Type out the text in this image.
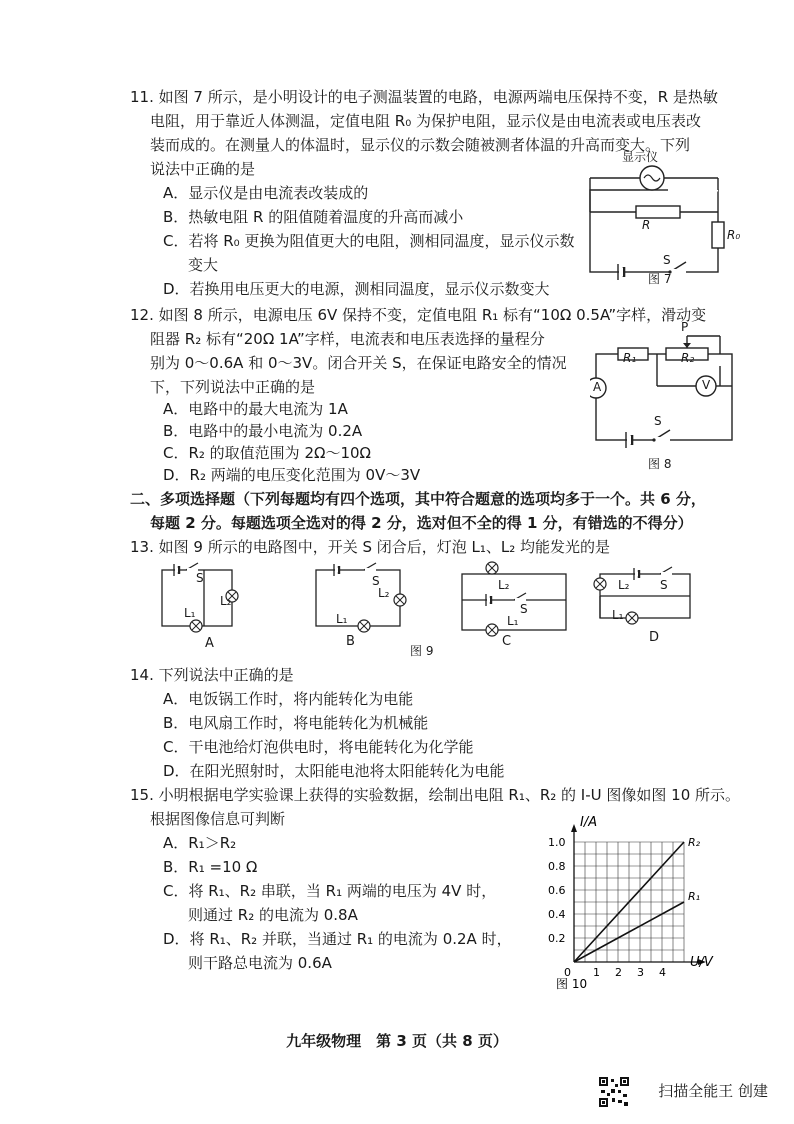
11. 如图 7 所示，是小明设计的电子测温装置的电路，电源两端电压保持不变，R 是热敏
电阻，用于靠近人体测温，定值电阻 R₀ 为保护电阻，显示仪是由电流表或电压表改
装而成的。在测量人的体温时，显示仪的示数会随被测者体温的升高而变大。下列
说法中正确的是
A．显示仪是由电流表改装成的
B．热敏电阻 R 的阻值随着温度的升高而减小
C．若将 R₀ 更换为阻值更大的电阻，测相同温度，显示仪示数
变大
D．若换用电压更大的电源，测相同温度，显示仪示数变大
显示仪
R
R₀
S
图 7
12. 如图 8 所示，电源电压 6V 保持不变，定值电阻 R₁ 标有“10Ω 0.5A”字样，滑动变
阻器 R₂ 标有“20Ω 1A”字样，电流表和电压表选择的量程分
别为 0～0.6A 和 0～3V。闭合开关 S，在保证电路安全的情况
下，下列说法中正确的是
A．电路中的最大电流为 1A
B．电路中的最小电流为 0.2A
C．R₂ 的取值范围为 2Ω～10Ω
D．R₂ 两端的电压变化范围为 0V～3V
P
R₁	R₂
A	V
S
图 8
二、多项选择题（下列每题均有四个选项，其中符合题意的选项均多于一个。共 6 分，
每题 2 分。每题选项全选对的得 2 分，选对但不全的得 1 分，有错选的不得分）
13. 如图 9 所示的电路图中，开关 S 闭合后，灯泡 L₁、L₂ 均能发光的是
S
L₁
L₂
A
S
L₁
L₂
B
图 9
L₂
S
L₁
C
L₂	S
L₁
D
14. 下列说法中正确的是
A．电饭锅工作时，将内能转化为电能
B．电风扇工作时，将电能转化为机械能
C．干电池给灯泡供电时，将电能转化为化学能
D．在阳光照射时，太阳能电池将太阳能转化为电能
15. 小明根据电学实验课上获得的实验数据，绘制出电阻 R₁、R₂ 的 I-U 图像如图 10 所示。
根据图像信息可判断
A．R₁＞R₂
B．R₁ =10 Ω
C．将 R₁、R₂ 串联，当 R₁ 两端的电压为 4V 时，
则通过 R₂ 的电流为 0.8A
D．将 R₁、R₂ 并联，当通过 R₁ 的电流为 0.2A 时，
则干路总电流为 0.6A
R₂
R₁
0 1 2 3 4
0.2
0.4
0.6
0.8
1.0
I/A
U/V
图 10
九年级物理　第 3 页（共 8 页）
扫描全能王 创建
